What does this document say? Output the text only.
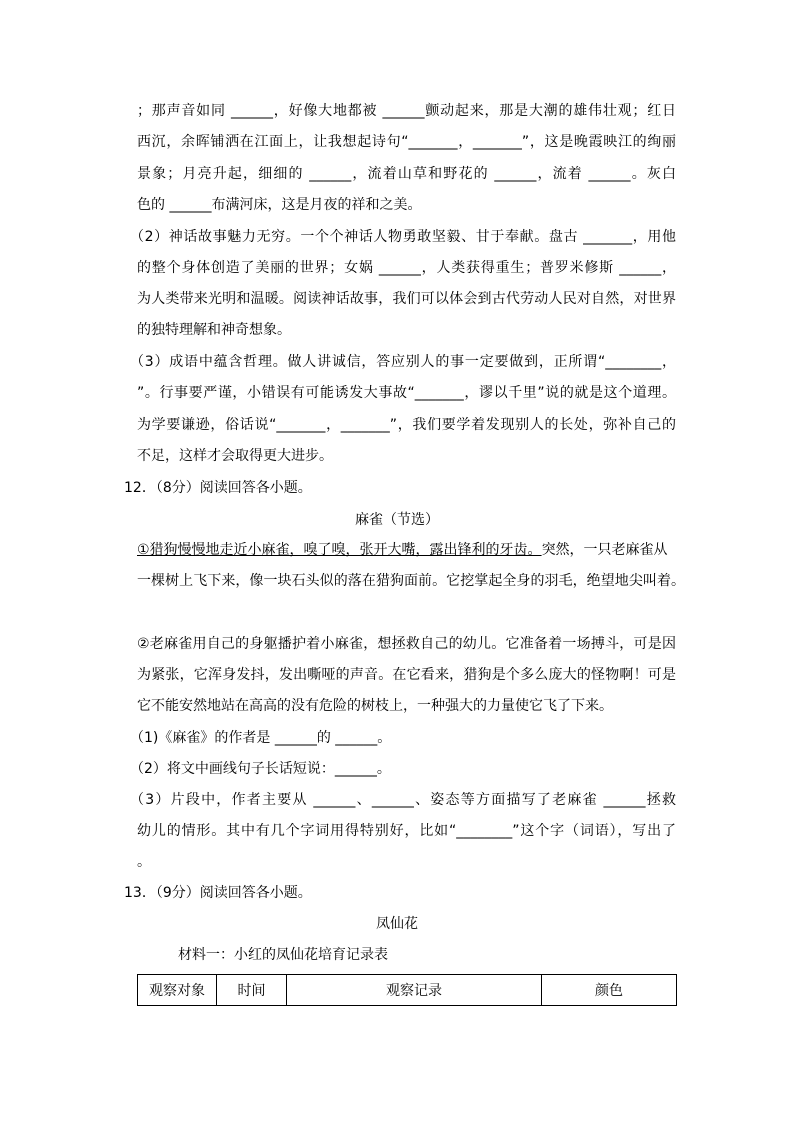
；那声音如同 ______，好像大地都被 ______颤动起来，那是大潮的雄伟壮观；红日
西沉，余晖铺洒在江面上，让我想起诗句“_______，_______”，这是晚霞映江的绚丽
景象；月亮升起，细细的 ______，流着山草和野花的 ______，流着 ______。灰白
色的 ______布满河床，这是月夜的祥和之美。
（2）神话故事魅力无穷。一个个神话人物勇敢坚毅、甘于奉献。盘古 _______，用他
的整个身体创造了美丽的世界；女娲 ______，人类获得重生；普罗米修斯 ______，
为人类带来光明和温暖。阅读神话故事，我们可以体会到古代劳动人民对自然，对世界
的独特理解和神奇想象。
（3）成语中蕴含哲理。做人讲诚信，答应别人的事一定要做到，正所谓“________，
”。行事要严谨，小错误有可能诱发大事故“_______，谬以千里”说的就是这个道理。
为学要谦逊，俗话说“_______，_______”，我们要学着发现别人的长处，弥补自己的
不足，这样才会取得更大进步。
12．（8分）阅读回答各小题。
麻雀（节选）
①猎狗慢慢地走近小麻雀，嗅了嗅，张开大嘴，露出锋利的牙齿。突然，一只老麻雀从
一棵树上飞下来，像一块石头似的落在猎狗面前。它挖掌起全身的羽毛，绝望地尖叫着。
②老麻雀用自己的身躯播护着小麻雀，想拯救自己的幼儿。它准备着一场搏斗，可是因
为紧张，它浑身发抖，发出嘶哑的声音。在它看来，猎狗是个多么庞大的怪物啊！可是
它不能安然地站在高高的没有危险的树枝上，一种强大的力量使它飞了下来。
（1)《麻雀》的作者是 ______的 ______。
（2）将文中画线句子长话短说：______。
（3）片段中，作者主要从 ______、______、姿态等方面描写了老麻雀 ______拯救
幼儿的情形。其中有几个字词用得特别好，比如“________”这个字（词语），写出了
。
13．（9分）阅读回答各小题。
凤仙花
材料一：小红的凤仙花培育记录表
观察对象	时间	观察记录	颜色
